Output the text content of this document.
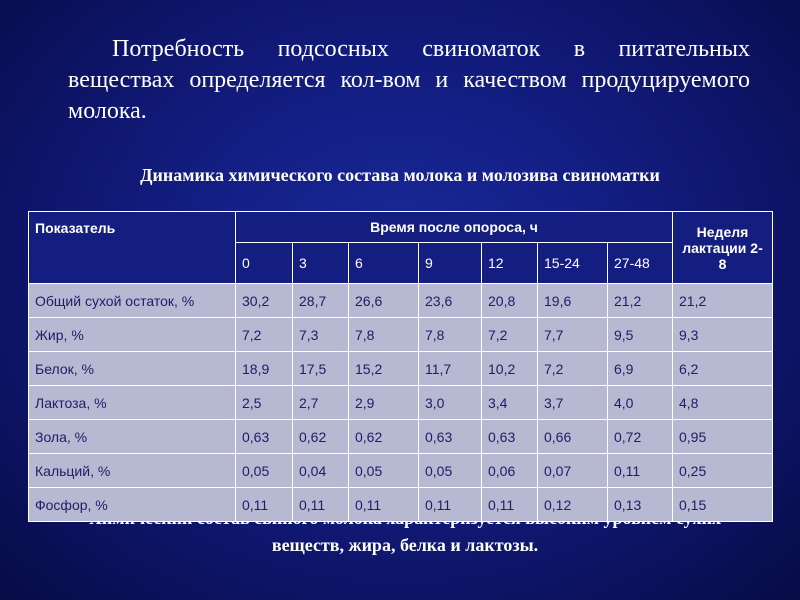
Потребность подсосных свиноматок в питательных веществах определяется кол-вом и качеством продуцируемого молока.

Динамика химического состава молока и молозива свиноматки

веществ, жира, белка и лактозы.

Показатель	Время после опороса, ч							Неделя лактации 2- 8
	0	3	6	9	12	15-24	27-48	
Общий сухой остаток, %	30,2	28,7	26,6	23,6	20,8	19,6	21,2	21,2
Жир, %	7,2	7,3	7,8	7,8	7,2	7,7	9,5	9,3
Белок, %	18,9	17,5	15,2	11,7	10,2	7,2	6,9	6,2
Лактоза, %	2,5	2,7	2,9	3,0	3,4	3,7	4,0	4,8
Зола, %	0,63	0,62	0,62	0,63	0,63	0,66	0,72	0,95
Кальций, %	0,05	0,04	0,05	0,05	0,06	0,07	0,11	0,25
Фосфор, %	0,11	0,11	0,11	0,11	0,11	0,12	0,13	0,15
